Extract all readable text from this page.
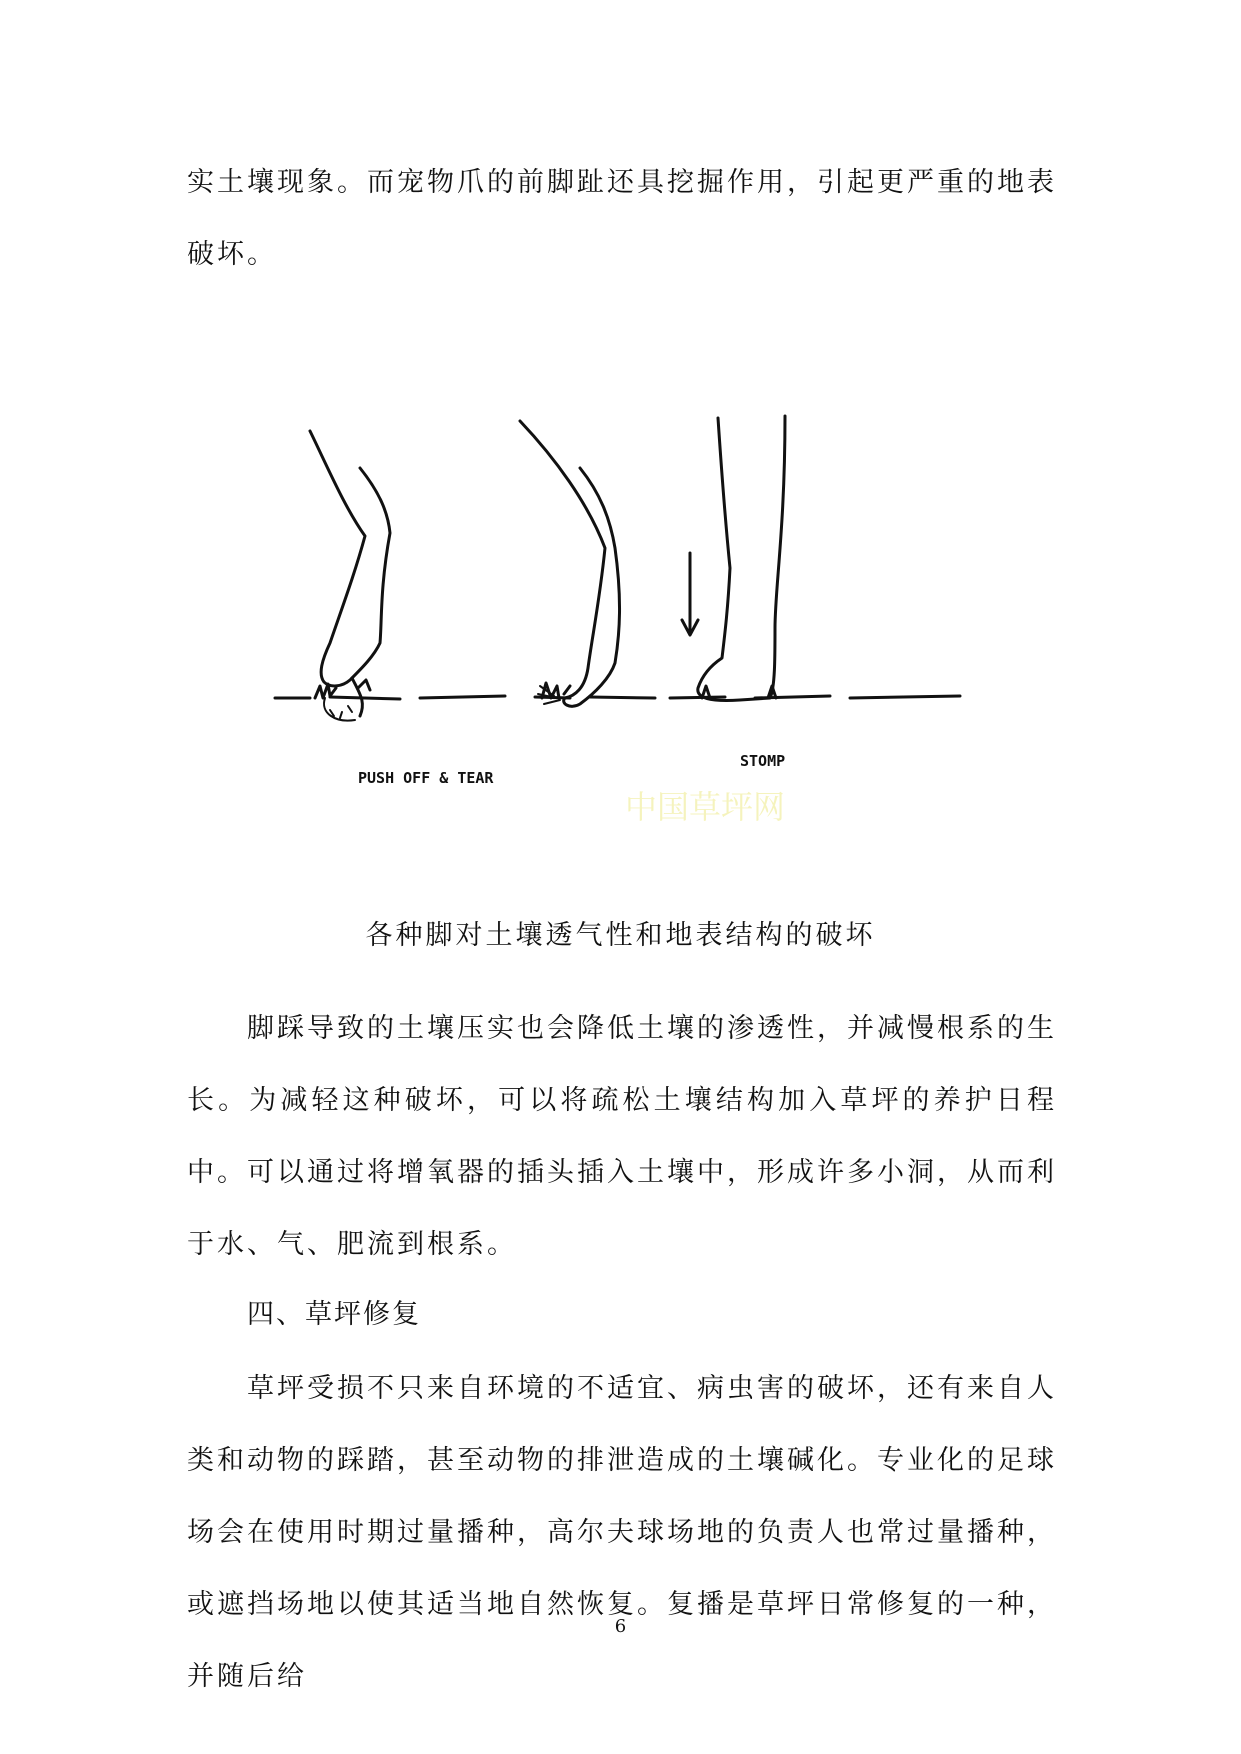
实土壤现象。而宠物爪的前脚趾还具挖掘作用，引起更严重的地表破坏。

PUSH OFF & TEAR
STOMP
中国草坪网

各种脚对土壤透气性和地表结构的破坏

脚踩导致的土壤压实也会降低土壤的渗透性，并减慢根系的生长。为减轻这种破坏，可以将疏松土壤结构加入草坪的养护日程中。可以通过将增氧器的插头插入土壤中，形成许多小洞，从而利于水、气、肥流到根系。

四、草坪修复

草坪受损不只来自环境的不适宜、病虫害的破坏，还有来自人类和动物的踩踏，甚至动物的排泄造成的土壤碱化。专业化的足球场会在使用时期过量播种，高尔夫球场地的负责人也常过量播种，或遮挡场地以使其适当地自然恢复。复播是草坪日常修复的一种，并随后给

6
